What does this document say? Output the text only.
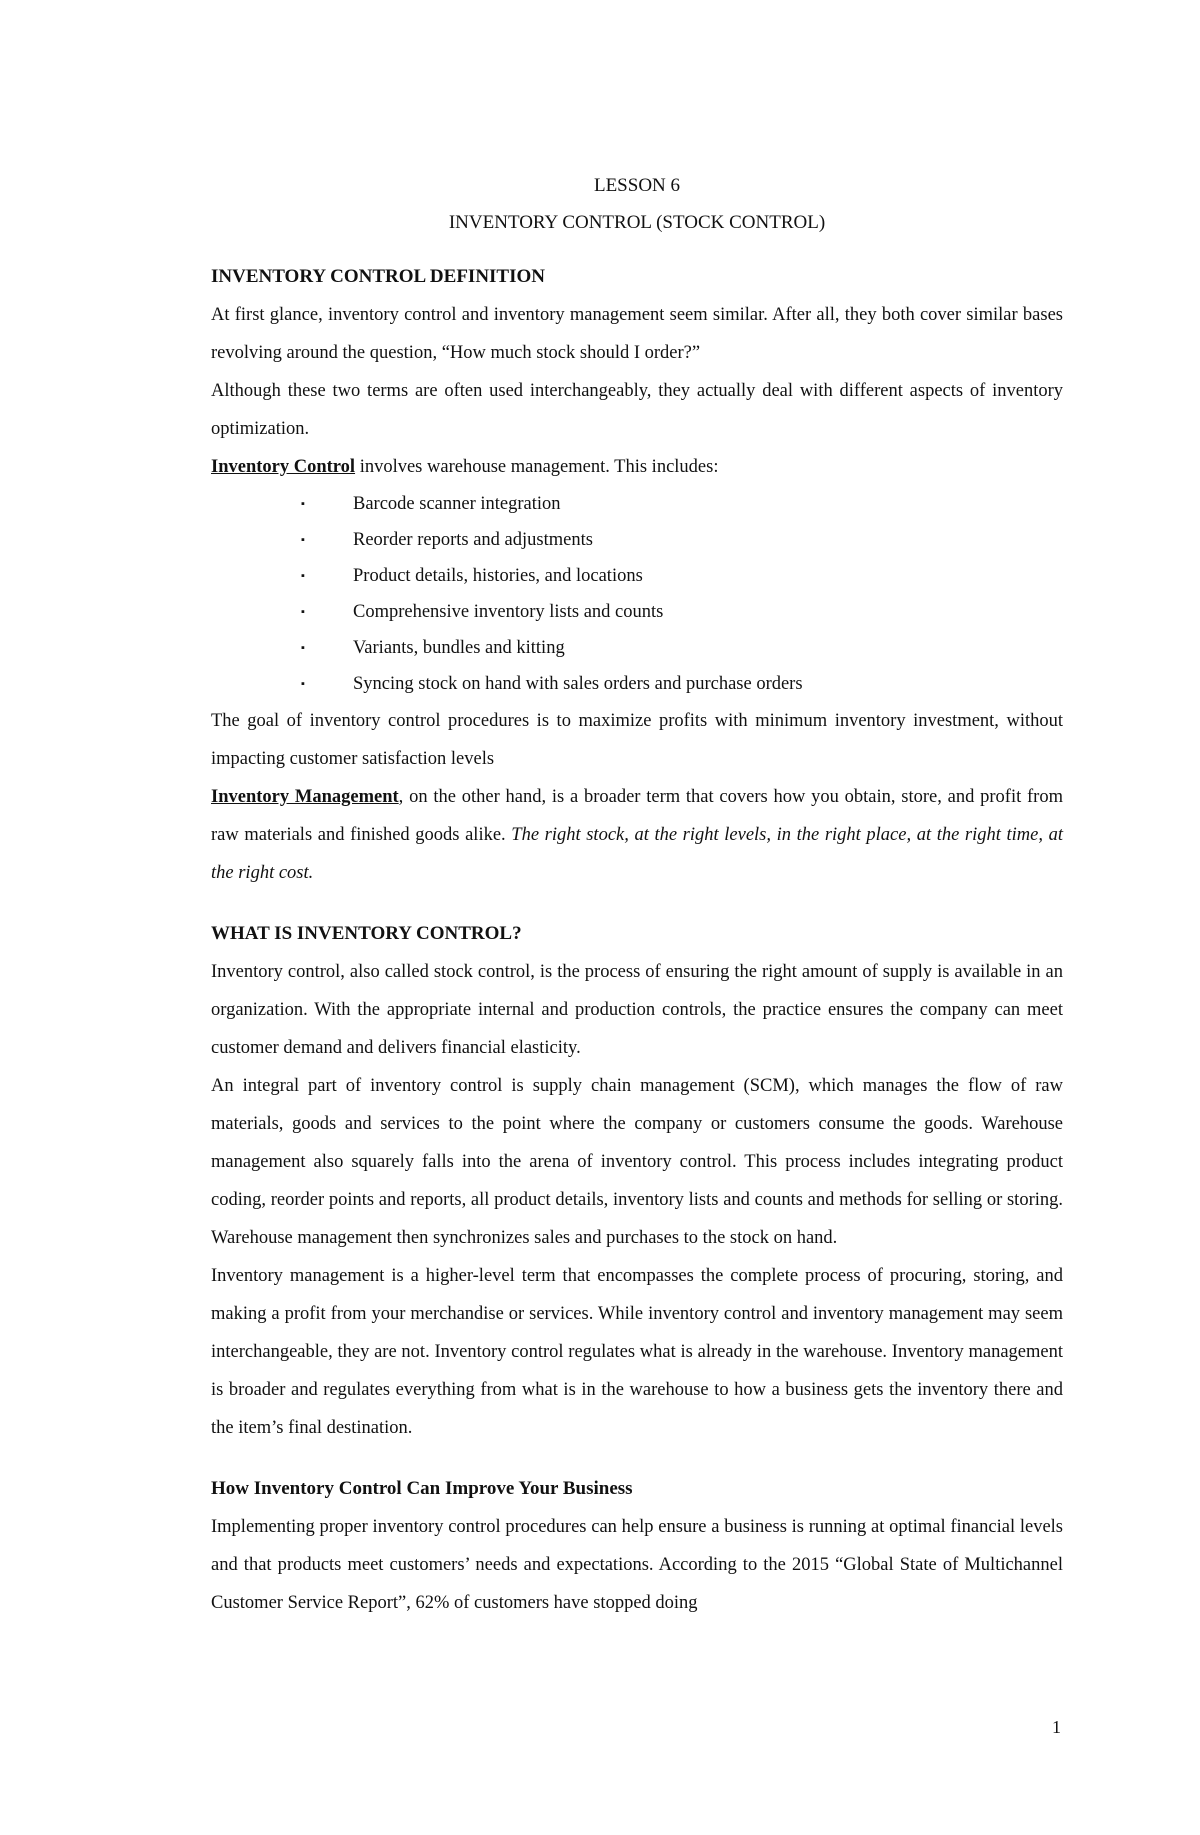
LESSON 6
INVENTORY CONTROL (STOCK CONTROL)
INVENTORY CONTROL DEFINITION

At first glance, inventory control and inventory management seem similar. After all, they both cover similar bases revolving around the question, “How much stock should I order?”

Although these two terms are often used interchangeably, they actually deal with different aspects of inventory optimization.

Inventory Control involves warehouse management. This includes:

▪ Barcode scanner integration
▪ Reorder reports and adjustments
▪ Product details, histories, and locations
▪ Comprehensive inventory lists and counts
▪ Variants, bundles and kitting
▪ Syncing stock on hand with sales orders and purchase orders

The goal of inventory control procedures is to maximize profits with minimum inventory investment, without impacting customer satisfaction levels

Inventory Management, on the other hand, is a broader term that covers how you obtain, store, and profit from raw materials and finished goods alike. The right stock, at the right levels, in the right place, at the right time, at the right cost.

WHAT IS INVENTORY CONTROL?

Inventory control, also called stock control, is the process of ensuring the right amount of supply is available in an organization. With the appropriate internal and production controls, the practice ensures the company can meet customer demand and delivers financial elasticity.

An integral part of inventory control is supply chain management (SCM), which manages the flow of raw materials, goods and services to the point where the company or customers consume the goods. Warehouse management also squarely falls into the arena of inventory control. This process includes integrating product coding, reorder points and reports, all product details, inventory lists and counts and methods for selling or storing. Warehouse management then synchronizes sales and purchases to the stock on hand.

Inventory management is a higher-level term that encompasses the complete process of procuring, storing, and making a profit from your merchandise or services. While inventory control and inventory management may seem interchangeable, they are not. Inventory control regulates what is already in the warehouse. Inventory management is broader and regulates everything from what is in the warehouse to how a business gets the inventory there and the item’s final destination.

How Inventory Control Can Improve Your Business

Implementing proper inventory control procedures can help ensure a business is running at optimal financial levels and that products meet customers’ needs and expectations. According to the 2015 “Global State of Multichannel Customer Service Report”, 62% of customers have stopped doing

1
